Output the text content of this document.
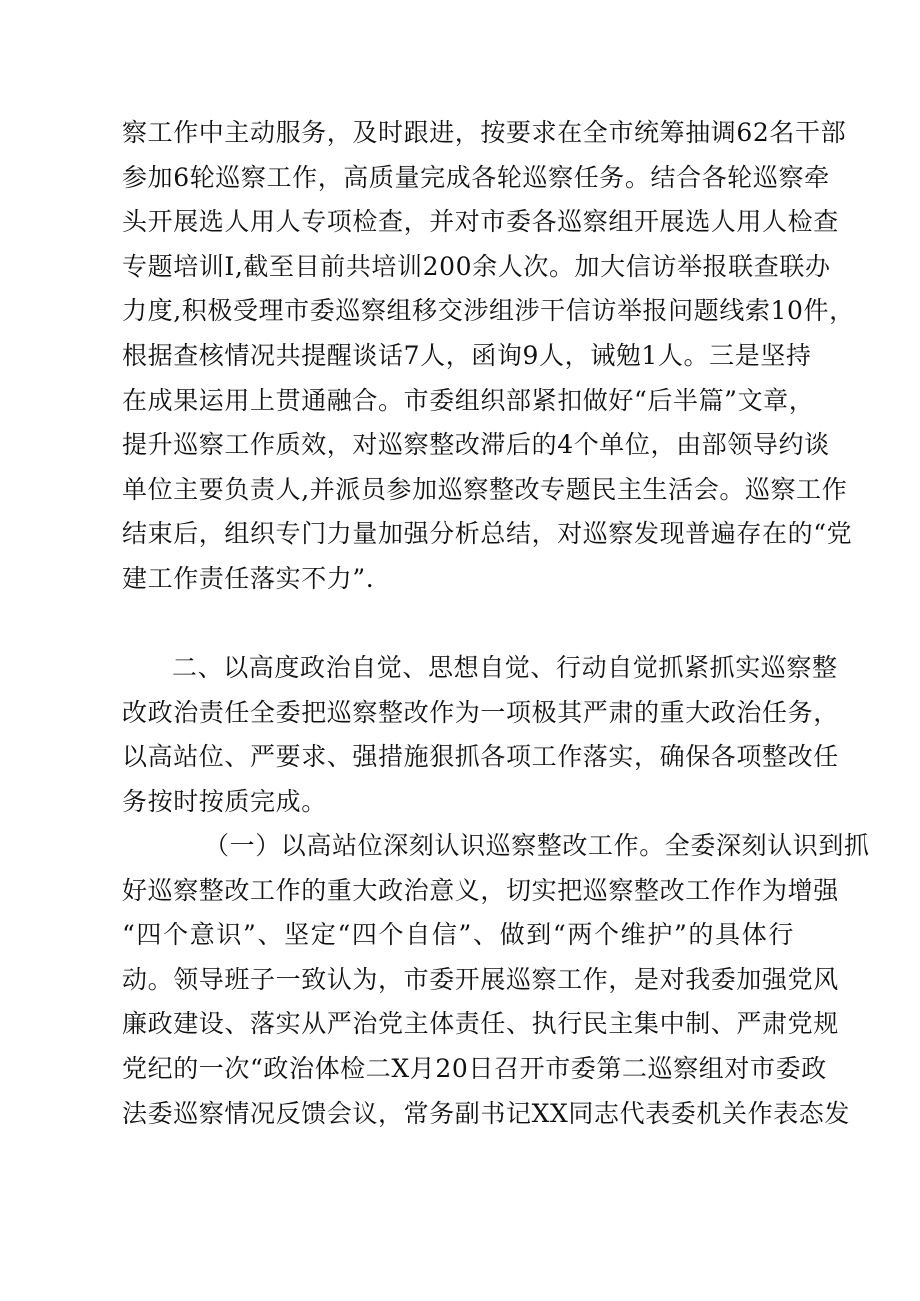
察工作中主动服务，及时跟进，按要求在全市统筹抽调62名干部
参加6轮巡察工作，高质量完成各轮巡察任务。结合各轮巡察牵
头开展选人用人专项检查，并对市委各巡察组开展选人用人检查
专题培训I,截至目前共培训200余人次。加大信访举报联查联办
力度,积极受理市委巡察组移交涉组涉干信访举报问题线索10件，
根据查核情况共提醒谈话7人，函询9人，诫勉1人。三是坚持
在成果运用上贯通融合。市委组织部紧扣做好“后半篇”文章，
提升巡察工作质效，对巡察整改滞后的4个单位，由部领导约谈
单位主要负责人,并派员参加巡察整改专题民主生活会。巡察工作
结束后，组织专门力量加强分析总结，对巡察发现普遍存在的“党
建工作责任落实不力”.

二、以高度政治自觉、思想自觉、行动自觉抓紧抓实巡察整
改政治责任全委把巡察整改作为一项极其严肃的重大政治任务，
以高站位、严要求、强措施狠抓各项工作落实，确保各项整改任
务按时按质完成。

（一）以高站位深刻认识巡察整改工作。全委深刻认识到抓
好巡察整改工作的重大政治意义，切实把巡察整改工作作为增强
“四个意识”、坚定“四个自信”、做到“两个维护”的具体行
动。领导班子一致认为，市委开展巡察工作，是对我委加强党风
廉政建设、落实从严治党主体责任、执行民主集中制、严肃党规
党纪的一次“政治体检二X月20日召开市委第二巡察组对市委政
法委巡察情况反馈会议，常务副书记XX同志代表委机关作表态发
